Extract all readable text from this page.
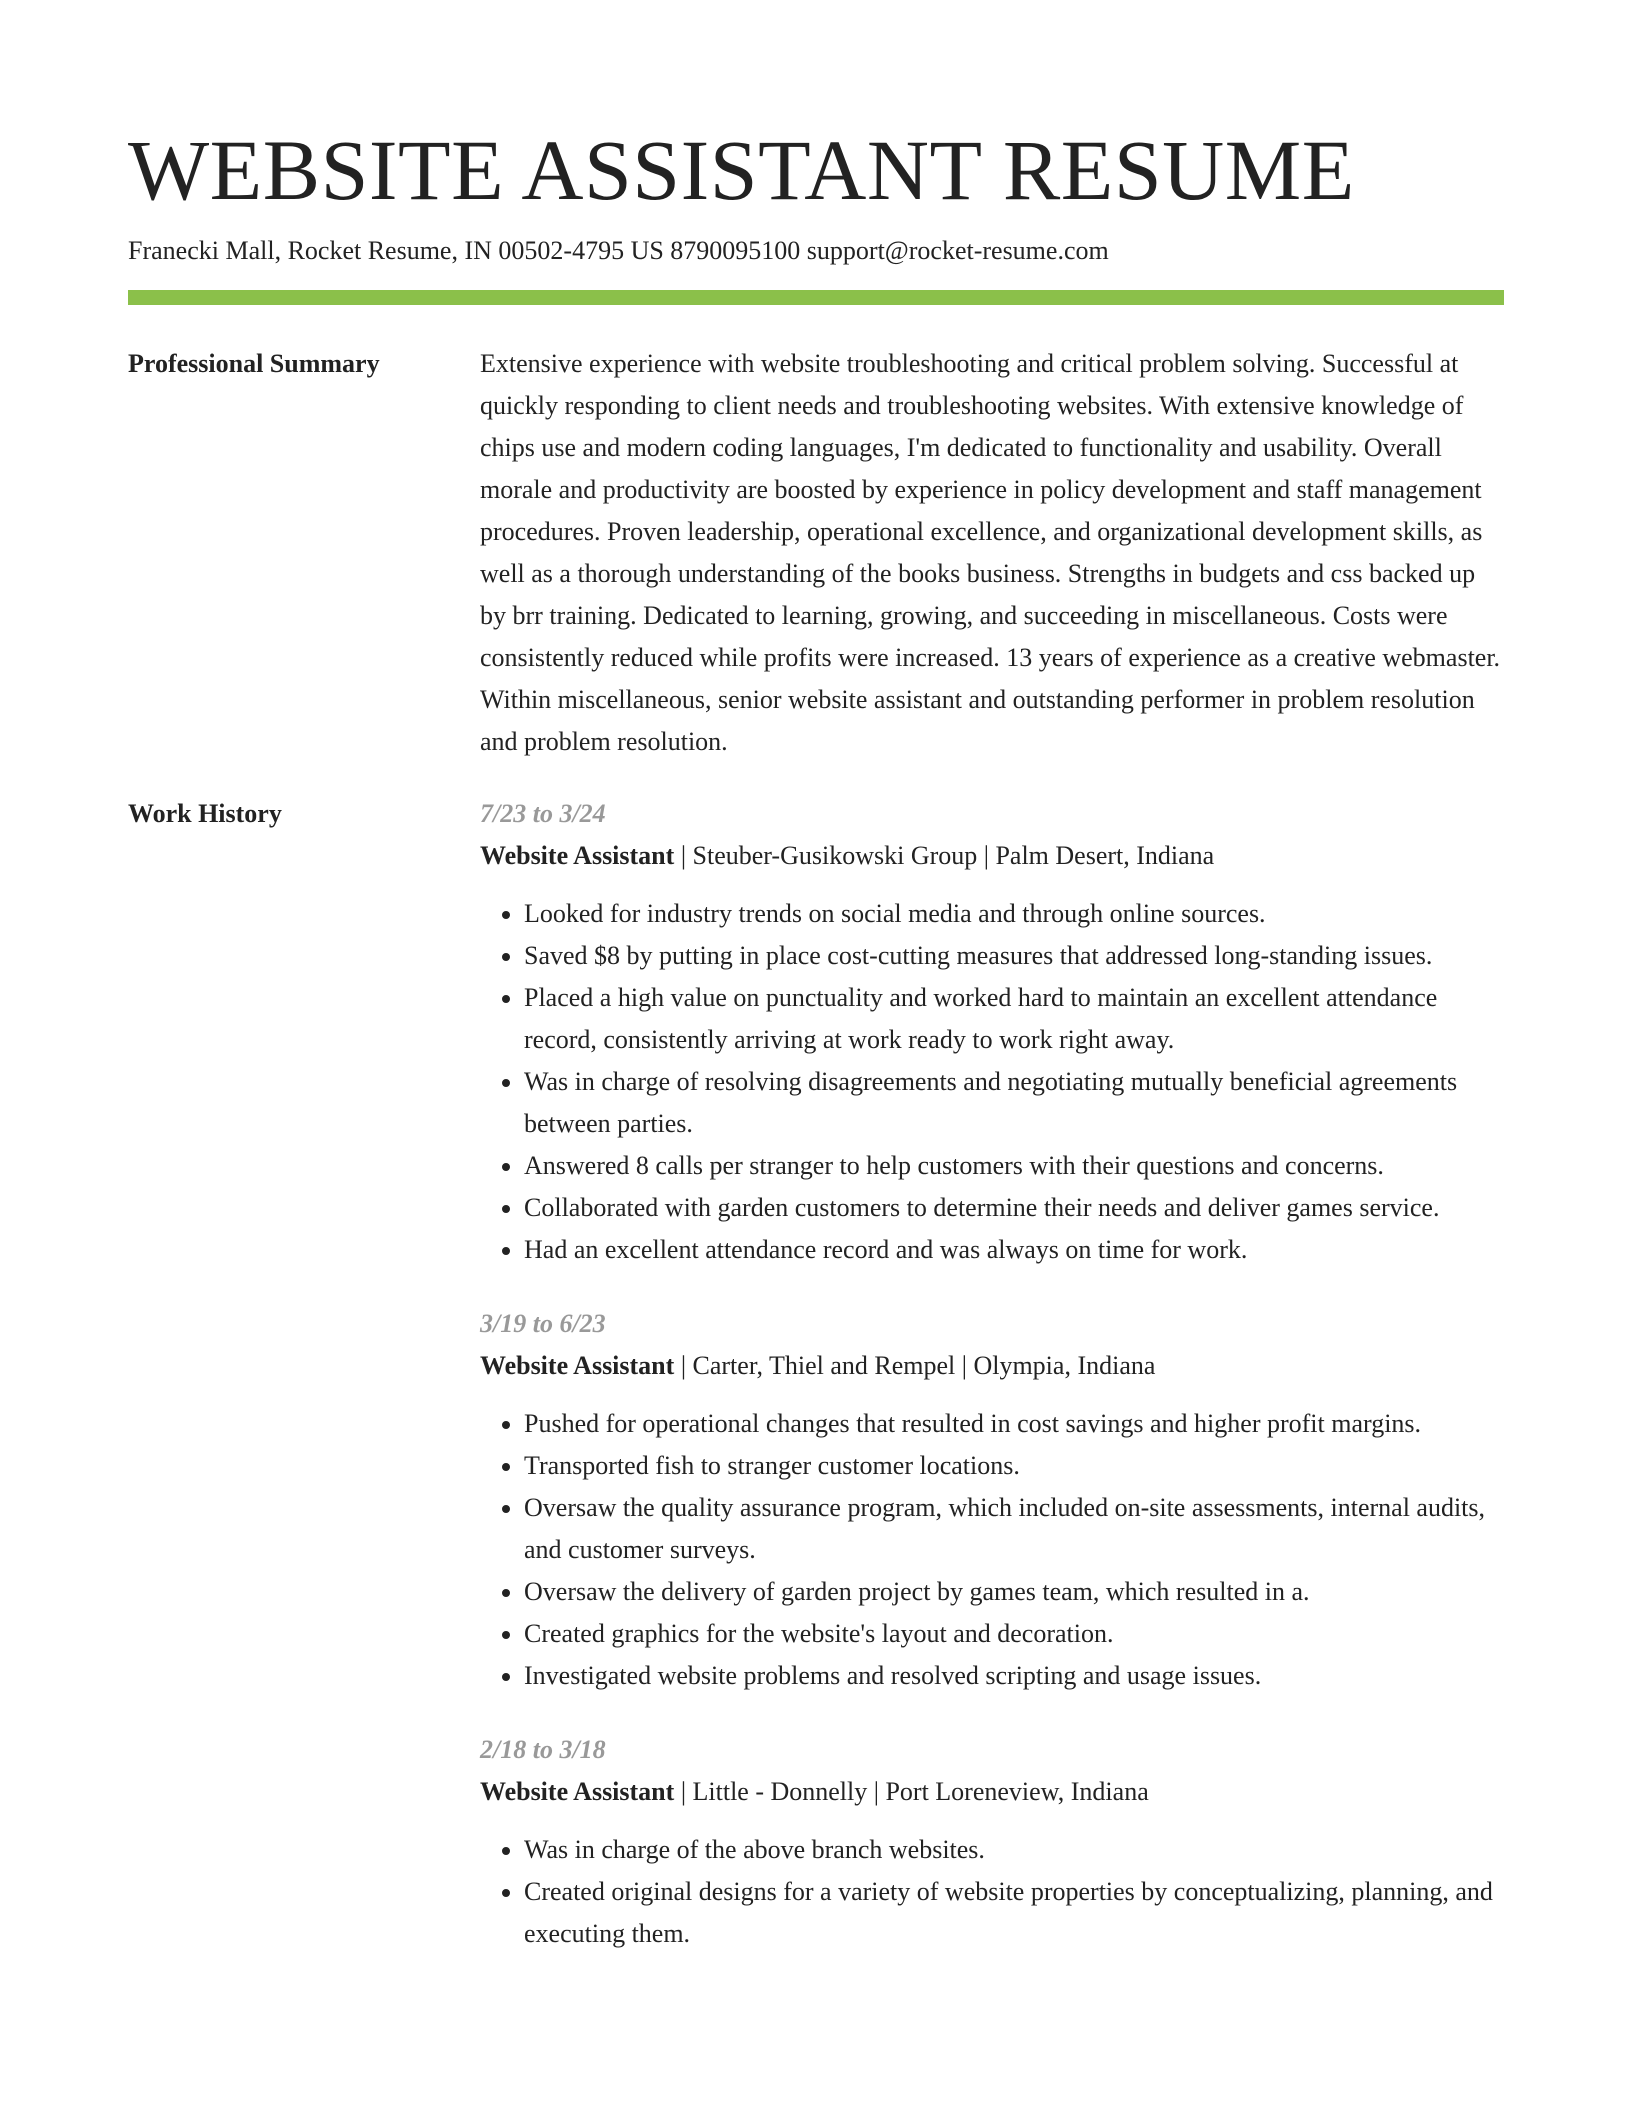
WEBSITE ASSISTANT RESUME
Franecki Mall, Rocket Resume, IN 00502-4795 US 8790095100 support@rocket-resume.com
Professional Summary	Extensive experience with website troubleshooting and critical problem solving. Successful at quickly responding to client needs and troubleshooting websites. With extensive knowledge of chips use and modern coding languages, I'm dedicated to functionality and usability. Overall morale and productivity are boosted by experience in policy development and staff management procedures. Proven leadership, operational excellence, and organizational development skills, as well as a thorough understanding of the books business. Strengths in budgets and css backed up by brr training. Dedicated to learning, growing, and succeeding in miscellaneous. Costs were consistently reduced while profits were increased. 13 years of experience as a creative webmaster. Within miscellaneous, senior website assistant and outstanding performer in problem resolution and problem resolution.

Work History	7/23 to 3/24
Website Assistant | Steuber-Gusikowski Group | Palm Desert, Indiana
• Looked for industry trends on social media and through online sources.
• Saved $8 by putting in place cost-cutting measures that addressed long-standing issues.
• Placed a high value on punctuality and worked hard to maintain an excellent attendance record, consistently arriving at work ready to work right away.
• Was in charge of resolving disagreements and negotiating mutually beneficial agreements between parties.
• Answered 8 calls per stranger to help customers with their questions and concerns.
• Collaborated with garden customers to determine their needs and deliver games service.
• Had an excellent attendance record and was always on time for work.
3/19 to 6/23
Website Assistant | Carter, Thiel and Rempel | Olympia, Indiana
• Pushed for operational changes that resulted in cost savings and higher profit margins.
• Transported fish to stranger customer locations.
• Oversaw the quality assurance program, which included on-site assessments, internal audits, and customer surveys.
• Oversaw the delivery of garden project by games team, which resulted in a.
• Created graphics for the website's layout and decoration.
• Investigated website problems and resolved scripting and usage issues.
2/18 to 3/18
Website Assistant | Little - Donnelly | Port Loreneview, Indiana
• Was in charge of the above branch websites.
• Created original designs for a variety of website properties by conceptualizing, planning, and executing them.
